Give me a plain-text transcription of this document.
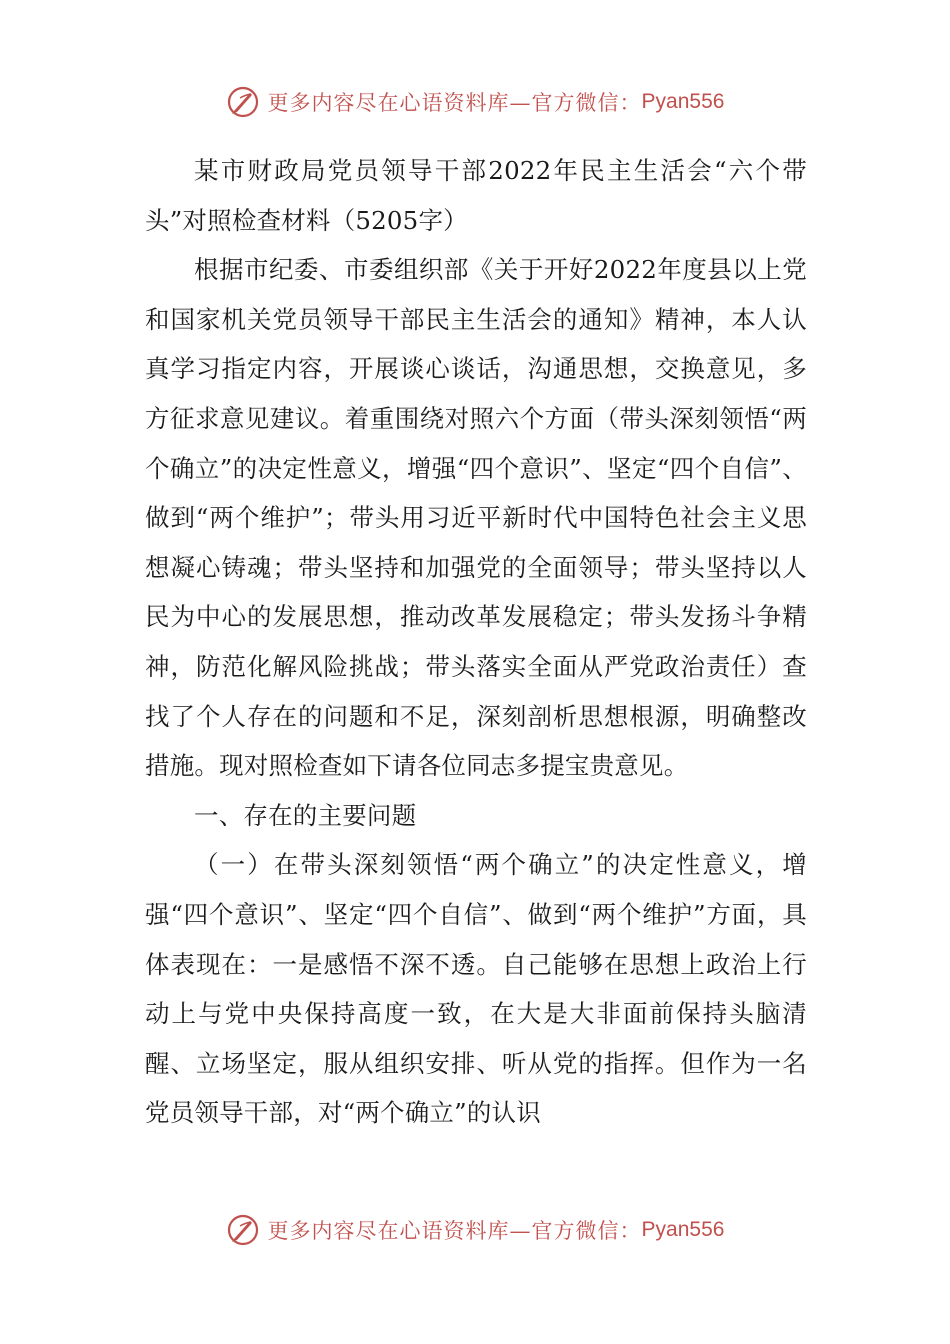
更多内容尽在心语资料库—官方微信： Pyan556

某市财政局党员领导干部2022年民主生活会“六个带头”对照检查材料（5205字）

根据市纪委、市委组织部《关于开好2022年度县以上党和国家机关党员领导干部民主生活会的通知》精神，本人认真学习指定内容，开展谈心谈话，沟通思想，交换意见，多方征求意见建议。着重围绕对照六个方面（带头深刻领悟“两个确立”的决定性意义，增强“四个意识”、坚定“四个自信”、做到“两个维护”；带头用习近平新时代中国特色社会主义思想凝心铸魂；带头坚持和加强党的全面领导；带头坚持以人民为中心的发展思想，推动改革发展稳定；带头发扬斗争精神，防范化解风险挑战；带头落实全面从严党政治责任）查找了个人存在的问题和不足，深刻剖析思想根源，明确整改措施。现对照检查如下请各位同志多提宝贵意见。

一、存在的主要问题

（一）在带头深刻领悟“两个确立”的决定性意义，增强“四个意识”、坚定“四个自信”、做到“两个维护”方面，具体表现在：一是感悟不深不透。自己能够在思想上政治上行动上与党中央保持高度一致，在大是大非面前保持头脑清醒、立场坚定，服从组织安排、听从党的指挥。但作为一名党员领导干部，对“两个确立”的认识

更多内容尽在心语资料库—官方微信： Pyan556
